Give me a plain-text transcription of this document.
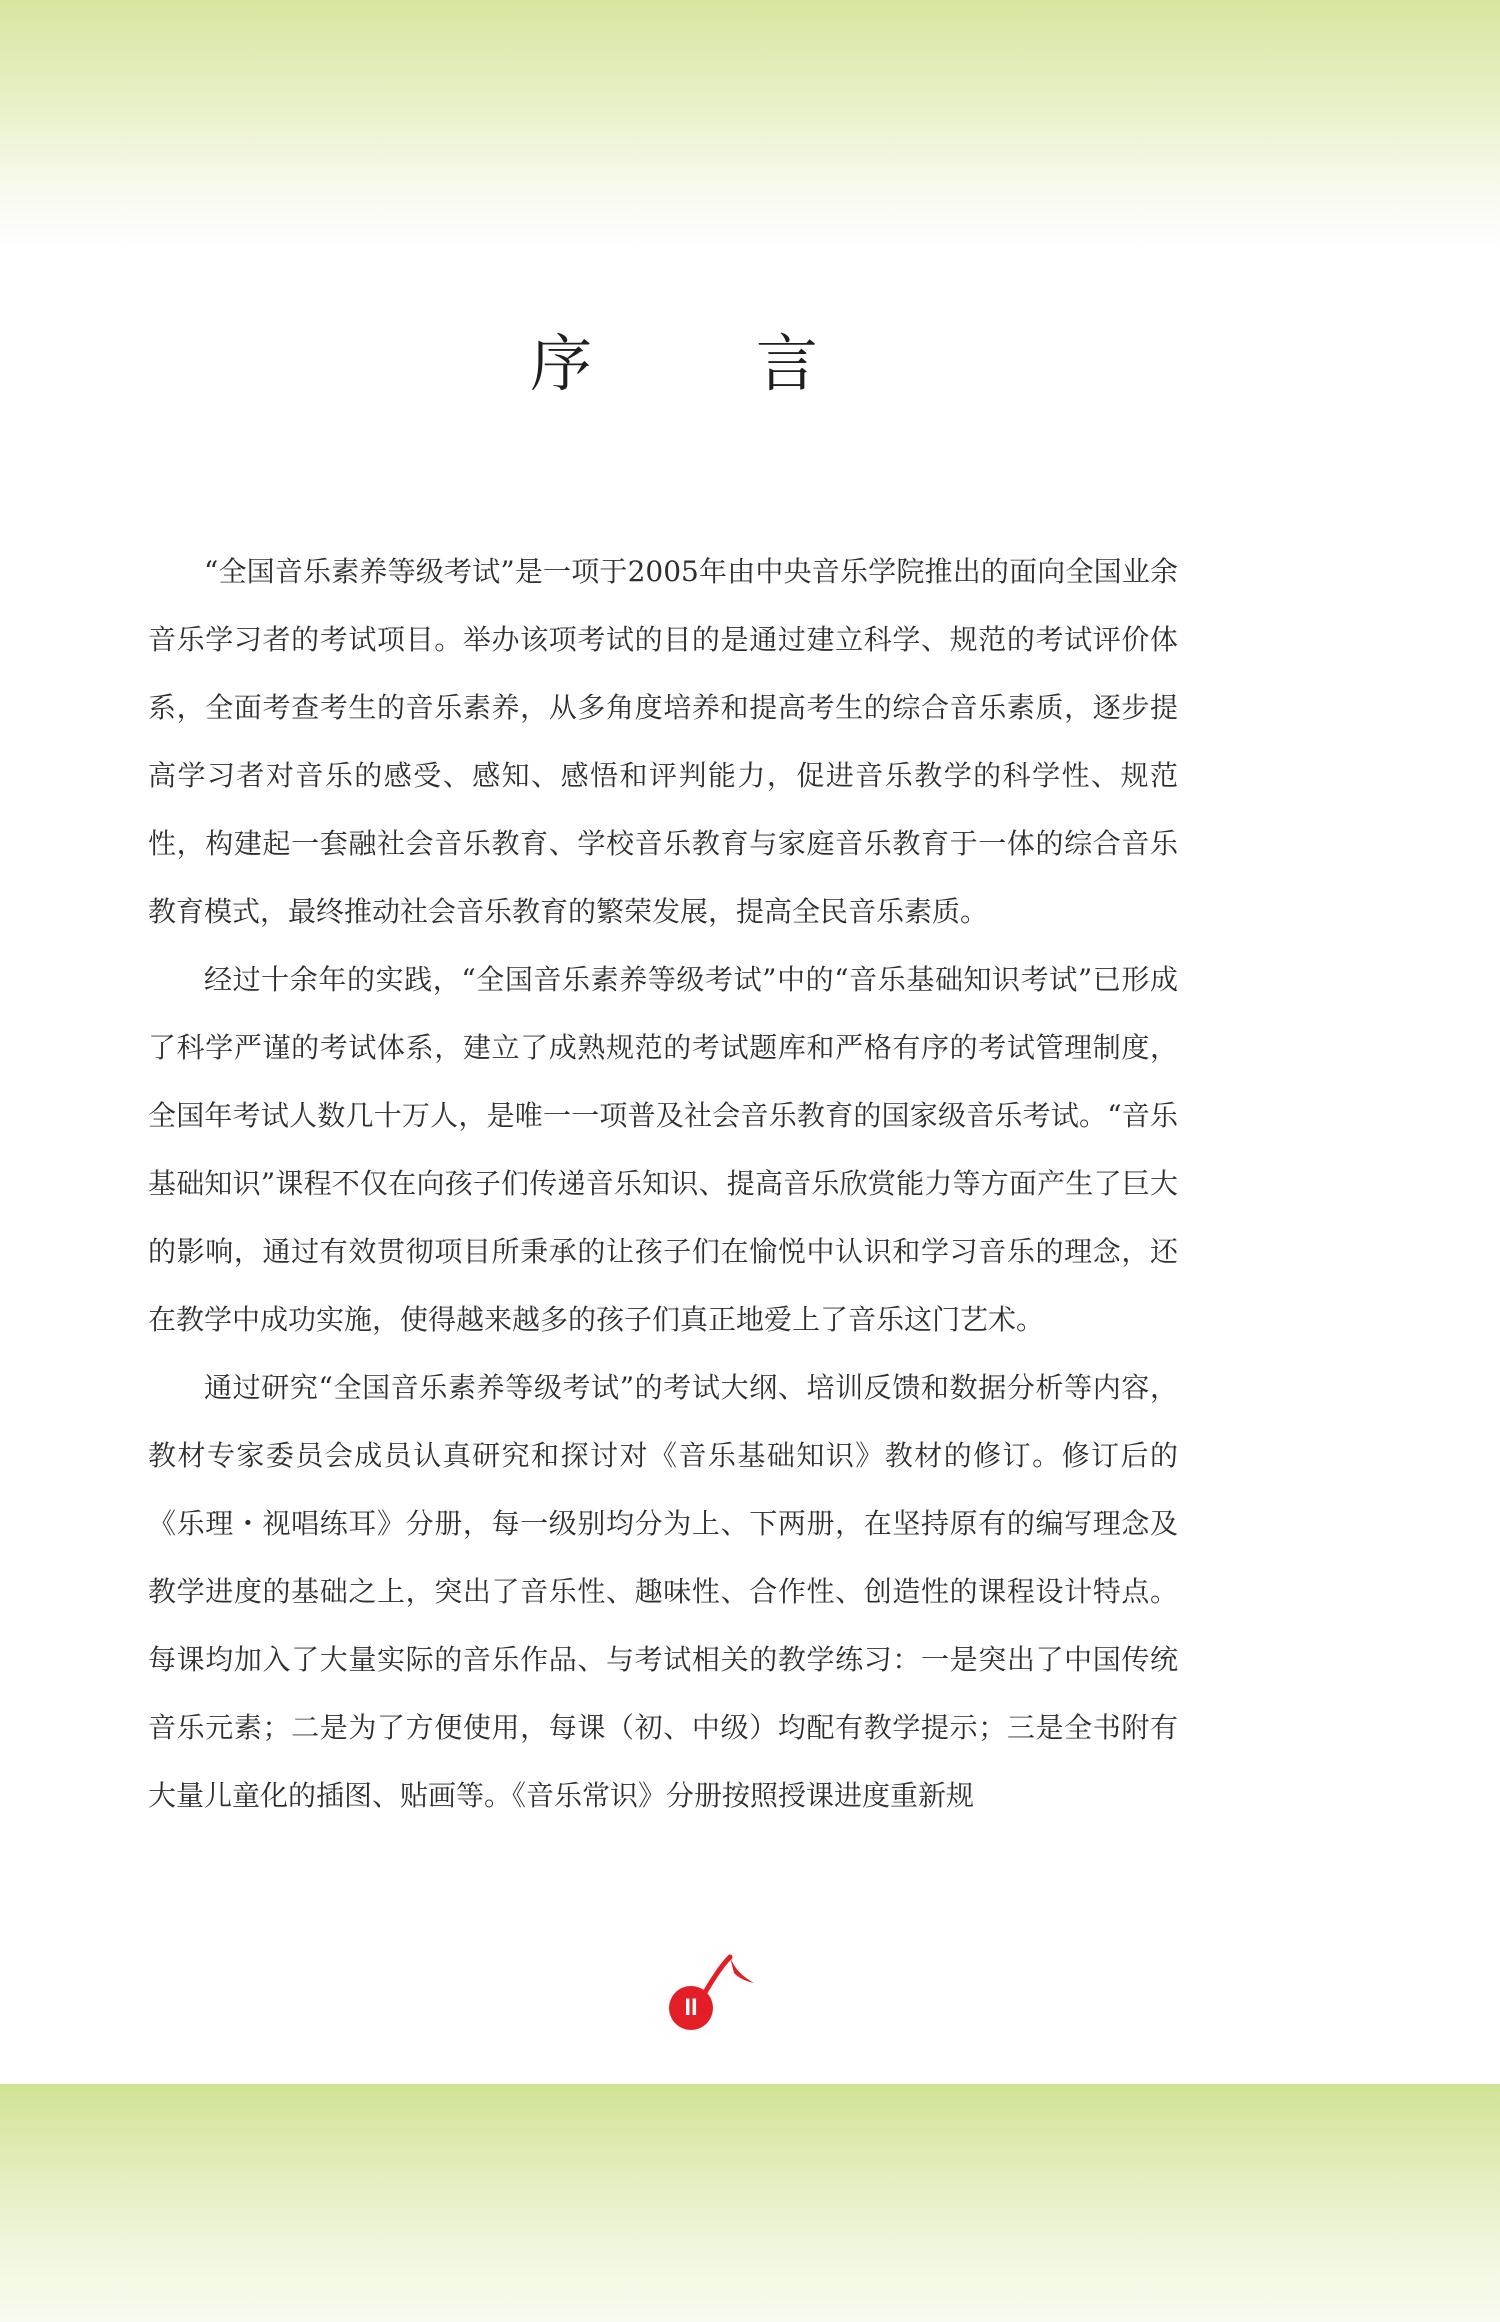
序 言

“全国音乐素养等级考试”是一项于2005年由中央音乐学院推出的面向全国业余音乐学习者的考试项目。举办该项考试的目的是通过建立科学、规范的考试评价体系，全面考查考生的音乐素养，从多角度培养和提高考生的综合音乐素质，逐步提高学习者对音乐的感受、感知、感悟和评判能力，促进音乐教学的科学性、规范性，构建起一套融社会音乐教育、学校音乐教育与家庭音乐教育于一体的综合音乐教育模式，最终推动社会音乐教育的繁荣发展，提高全民音乐素质。

经过十余年的实践，“全国音乐素养等级考试”中的“音乐基础知识考试”已形成了科学严谨的考试体系，建立了成熟规范的考试题库和严格有序的考试管理制度，全国年考试人数几十万人，是唯一一项普及社会音乐教育的国家级音乐考试。“音乐基础知识”课程不仅在向孩子们传递音乐知识、提高音乐欣赏能力等方面产生了巨大的影响，通过有效贯彻项目所秉承的让孩子们在愉悦中认识和学习音乐的理念，还在教学中成功实施，使得越来越多的孩子们真正地爱上了音乐这门艺术。

通过研究“全国音乐素养等级考试”的考试大纲、培训反馈和数据分析等内容，教材专家委员会成员认真研究和探讨对《音乐基础知识》教材的修订。修订后的《乐理・视唱练耳》分册，每一级别均分为上、下两册，在坚持原有的编写理念及教学进度的基础之上，突出了音乐性、趣味性、合作性、创造性的课程设计特点。每课均加入了大量实际的音乐作品、与考试相关的教学练习：一是突出了中国传统音乐元素；二是为了方便使用，每课（初、中级）均配有教学提示；三是全书附有大量儿童化的插图、贴画等。《音乐常识》分册按照授课进度重新规

II
